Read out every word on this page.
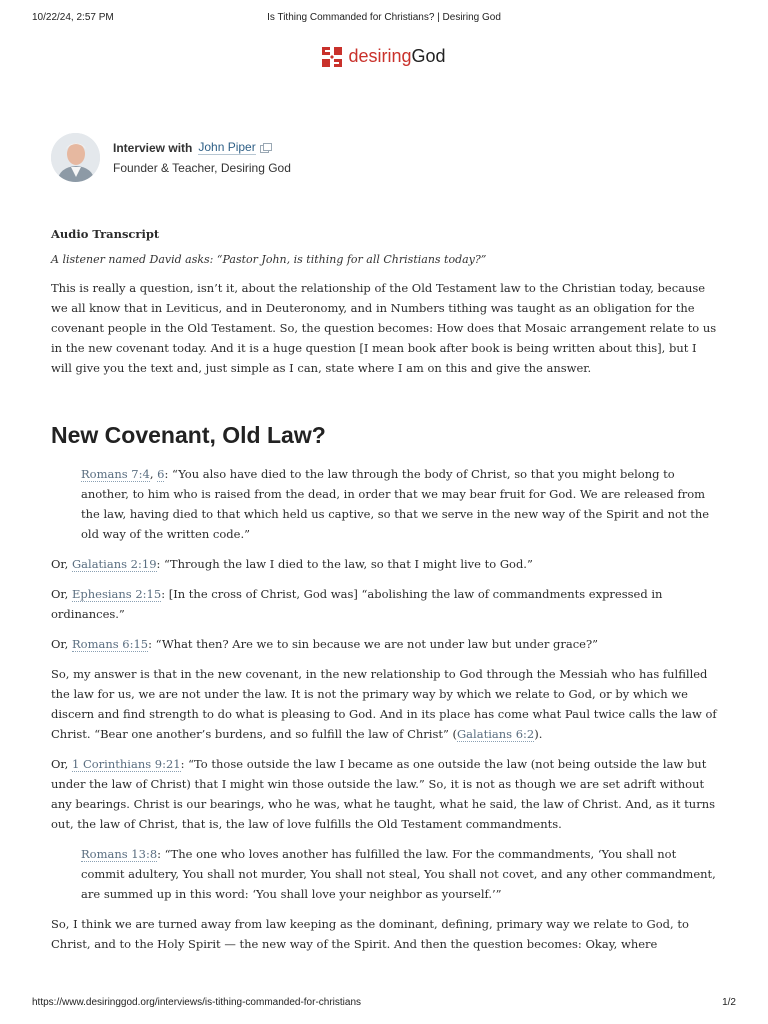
10/22/24, 2:57 PM	Is Tithing Commanded for Christians? | Desiring God
desiring God
Interview with John Piper
Founder & Teacher, Desiring God
Audio Transcript
A listener named David asks: “Pastor John, is tithing for all Christians today?”

This is really a question, isn’t it, about the relationship of the Old Testament law to the Christian today, because we all know that in Leviticus, and in Deuteronomy, and in Numbers tithing was taught as an obligation for the covenant people in the Old Testament. So, the question becomes: How does that Mosaic arrangement relate to us in the new covenant today. And it is a huge question [I mean book after book is being written about this], but I will give you the text and, just simple as I can, state where I am on this and give the answer.

New Covenant, Old Law?

Romans 7:4, 6: “You also have died to the law through the body of Christ, so that you might belong to another, to him who is raised from the dead, in order that we may bear fruit for God. We are released from the law, having died to that which held us captive, so that we serve in the new way of the Spirit and not the old way of the written code.”

Or, Galatians 2:19: “Through the law I died to the law, so that I might live to God.”

Or, Ephesians 2:15: [In the cross of Christ, God was] “abolishing the law of commandments expressed in ordinances.”

Or, Romans 6:15: “What then? Are we to sin because we are not under law but under grace?”

So, my answer is that in the new covenant, in the new relationship to God through the Messiah who has fulfilled the law for us, we are not under the law. It is not the primary way by which we relate to God, or by which we discern and find strength to do what is pleasing to God. And in its place has come what Paul twice calls the law of Christ. “Bear one another’s burdens, and so fulfill the law of Christ” (Galatians 6:2).

Or, 1 Corinthians 9:21: “To those outside the law I became as one outside the law (not being outside the law but under the law of Christ) that I might win those outside the law.” So, it is not as though we are set adrift without any bearings. Christ is our bearings, who he was, what he taught, what he said, the law of Christ. And, as it turns out, the law of Christ, that is, the law of love fulfills the Old Testament commandments.

Romans 13:8: “The one who loves another has fulfilled the law. For the commandments, ‘You shall not commit adultery, You shall not murder, You shall not steal, You shall not covet, and any other commandment, are summed up in this word: ‘You shall love your neighbor as yourself.’”

So, I think we are turned away from law keeping as the dominant, defining, primary way we relate to God, to Christ, and to the Holy Spirit — the new way of the Spirit. And then the question becomes: Okay, where

https://www.desiringgod.org/interviews/is-tithing-commanded-for-christians	1/2
